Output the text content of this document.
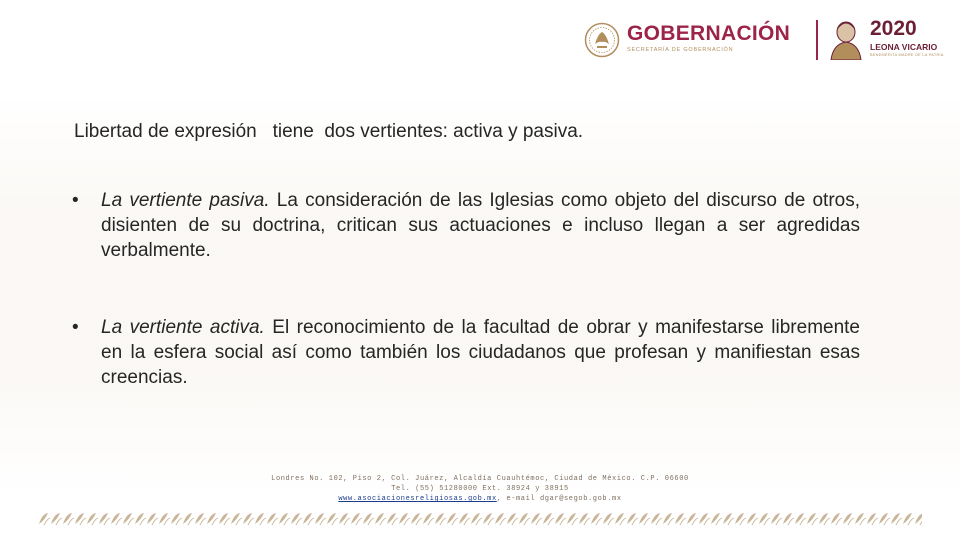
GOBERNACIÓN
SECRETARÍA DE GOBERNACIÓN
2020
LEONA VICARIO
BENEMÉRITA MADRE DE LA PATRIA
Libertad de expresión   tiene  dos vertientes: activa y pasiva.
•	La vertiente pasiva. La consideración de las Iglesias como objeto del discurso de otros, disienten de su doctrina, critican sus actuaciones e incluso llegan a ser agredidas verbalmente.
•	La vertiente activa. El reconocimiento de la facultad de obrar y manifestarse libremente en la esfera social así como también los ciudadanos que profesan y manifiestan esas creencias.
Londres No. 102, Piso 2, Col. Juárez, Alcaldía Cuauhtémoc, Ciudad de México. C.P. 06600
Tel. (55) 51280000 Ext. 38924 y 38915
www.asociacionesreligiosas.gob.mx, e-mail dgar@segob.gob.mx
